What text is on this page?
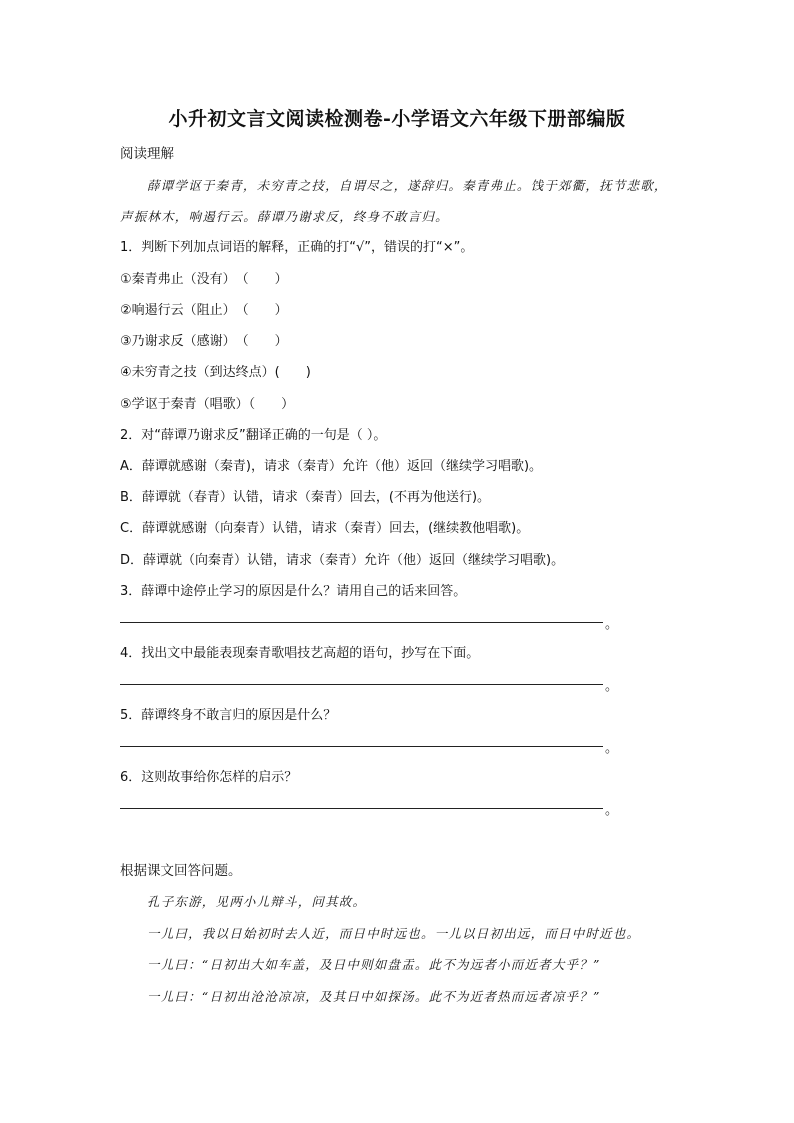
小升初文言文阅读检测卷-小学语文六年级下册部编版
阅读理解
薛谭学讴于秦青，未穷青之技，自谓尽之，遂辞归。秦青弗止。饯于郊衢，抚节悲歌，
声振林木，响遏行云。薛谭乃谢求反，终身不敢言归。
1．判断下列加点词语的解释，正确的打“√”，错误的打“×”。
①秦青弗止（没有）　（　　）
②响遏行云（阻止）　（　　）
③乃谢求反（感谢）　（　　）
④未穷青之技（到达终点）(　　)
⑤学讴于秦青（唱歌）（　　）
2．对“薛谭乃谢求反”翻译正确的一句是（ ）。
A．薛谭就感谢（秦青)，请求（秦青）允许（他）返回（继续学习唱歌)。
B．薛谭就（春青）认错，请求（秦青）回去，(不再为他送行)。
C．薛谭就感谢（向秦青）认错，请求（秦青）回去，(继续教他唱歌)。
D．薛谭就（向秦青）认错，请求（秦青）允许（他）返回（继续学习唱歌)。
3．薛谭中途停止学习的原因是什么？请用自己的话来回答。
。
4．找出文中最能表现秦青歌唱技艺高超的语句，抄写在下面。
。
5．薛谭终身不敢言归的原因是什么？
。
6．这则故事给你怎样的启示？
。
根据课文回答问题。
孔子东游，见两小儿辩斗，问其故。
一儿曰，我以日始初时去人近，而日中时远也。一儿以日初出远，而日中时近也。
一儿曰：“日初出大如车盖，及日中则如盘盂。此不为远者小而近者大乎？”
一儿曰：“日初出沧沧凉凉，及其日中如探汤。此不为近者热而远者凉乎？”
